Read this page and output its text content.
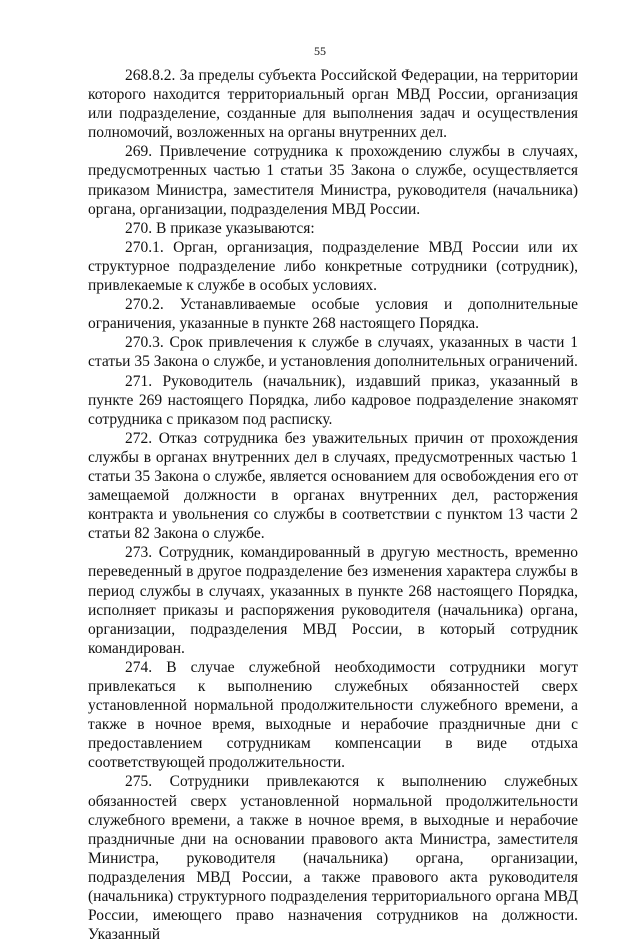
55

268.8.2. За пределы субъекта Российской Федерации, на территории которого находится территориальный орган МВД России, организация или подразделение, созданные для выполнения задач и осуществления полномочий, возложенных на органы внутренних дел.

269. Привлечение сотрудника к прохождению службы в случаях, предусмотренных частью 1 статьи 35 Закона о службе, осуществляется приказом Министра, заместителя Министра, руководителя (начальника) органа, организации, подразделения МВД России.

270. В приказе указываются:

270.1. Орган, организация, подразделение МВД России или их структурное подразделение либо конкретные сотрудники (сотрудник), привлекаемые к службе в особых условиях.

270.2. Устанавливаемые особые условия и дополнительные ограничения, указанные в пункте 268 настоящего Порядка.

270.3. Срок привлечения к службе в случаях, указанных в части 1 статьи 35 Закона о службе, и установления дополнительных ограничений.

271. Руководитель (начальник), издавший приказ, указанный в пункте 269 настоящего Порядка, либо кадровое подразделение знакомят сотрудника с приказом под расписку.

272. Отказ сотрудника без уважительных причин от прохождения службы в органах внутренних дел в случаях, предусмотренных частью 1 статьи 35 Закона о службе, является основанием для освобождения его от замещаемой должности в органах внутренних дел, расторжения контракта и увольнения со службы в соответствии с пунктом 13 части 2 статьи 82 Закона о службе.

273. Сотрудник, командированный в другую местность, временно переведенный в другое подразделение без изменения характера службы в период службы в случаях, указанных в пункте 268 настоящего Порядка, исполняет приказы и распоряжения руководителя (начальника) органа, организации, подразделения МВД России, в который сотрудник командирован.

274. В случае служебной необходимости сотрудники могут привлекаться к выполнению служебных обязанностей сверх установленной нормальной продолжительности служебного времени, а также в ночное время, выходные и нерабочие праздничные дни с предоставлением сотрудникам компенсации в виде отдыха соответствующей продолжительности.

275. Сотрудники привлекаются к выполнению служебных обязанностей сверх установленной нормальной продолжительности служебного времени, а также в ночное время, в выходные и нерабочие праздничные дни на основании правового акта Министра, заместителя Министра, руководителя (начальника) органа, организации, подразделения МВД России, а также правового акта руководителя (начальника) структурного подразделения территориального органа МВД России, имеющего право назначения сотрудников на должности. Указанный
